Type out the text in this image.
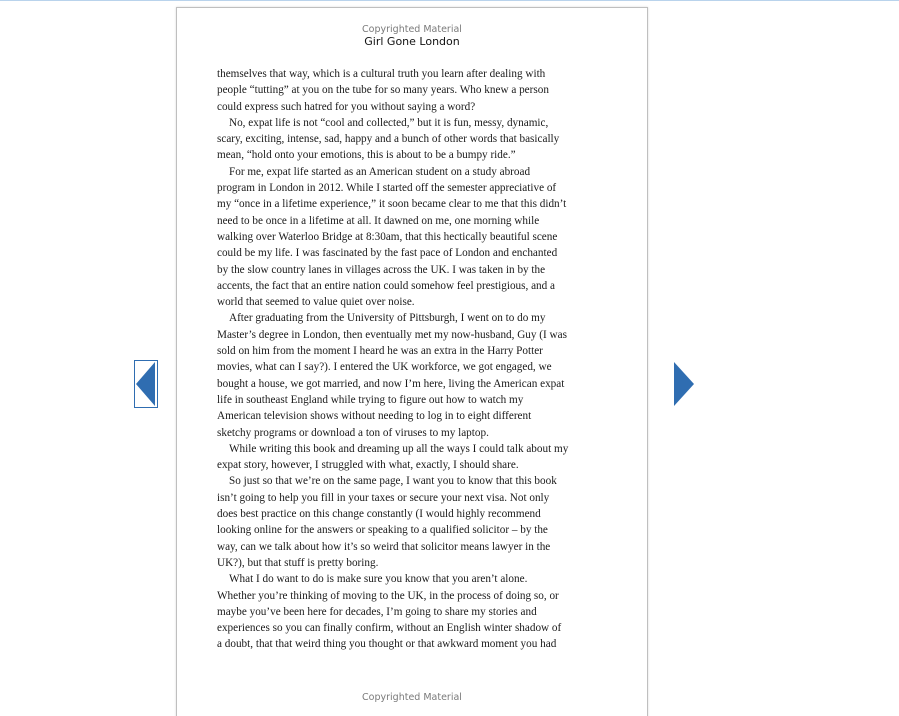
Copyrighted Material
Girl Gone London
themselves that way, which is a cultural truth you learn after dealing with
people “tutting” at you on the tube for so many years. Who knew a person
could express such hatred for you without saying a word?
No, expat life is not “cool and collected,” but it is fun, messy, dynamic,
scary, exciting, intense, sad, happy and a bunch of other words that basically
mean, “hold onto your emotions, this is about to be a bumpy ride.”
For me, expat life started as an American student on a study abroad
program in London in 2012. While I started off the semester appreciative of
my “once in a lifetime experience,” it soon became clear to me that this didn’t
need to be once in a lifetime at all. It dawned on me, one morning while
walking over Waterloo Bridge at 8:30am, that this hectically beautiful scene
could be my life. I was fascinated by the fast pace of London and enchanted
by the slow country lanes in villages across the UK. I was taken in by the
accents, the fact that an entire nation could somehow feel prestigious, and a
world that seemed to value quiet over noise.
After graduating from the University of Pittsburgh, I went on to do my
Master’s degree in London, then eventually met my now-husband, Guy (I was
sold on him from the moment I heard he was an extra in the Harry Potter
movies, what can I say?). I entered the UK workforce, we got engaged, we
bought a house, we got married, and now I’m here, living the American expat
life in southeast England while trying to figure out how to watch my
American television shows without needing to log in to eight different
sketchy programs or download a ton of viruses to my laptop.
While writing this book and dreaming up all the ways I could talk about my
expat story, however, I struggled with what, exactly, I should share.
So just so that we’re on the same page, I want you to know that this book
isn’t going to help you fill in your taxes or secure your next visa. Not only
does best practice on this change constantly (I would highly recommend
looking online for the answers or speaking to a qualified solicitor – by the
way, can we talk about how it’s so weird that solicitor means lawyer in the
UK?), but that stuff is pretty boring.
What I do want to do is make sure you know that you aren’t alone.
Whether you’re thinking of moving to the UK, in the process of doing so, or
maybe you’ve been here for decades, I’m going to share my stories and
experiences so you can finally confirm, without an English winter shadow of
a doubt, that that weird thing you thought or that awkward moment you had
Copyrighted Material
